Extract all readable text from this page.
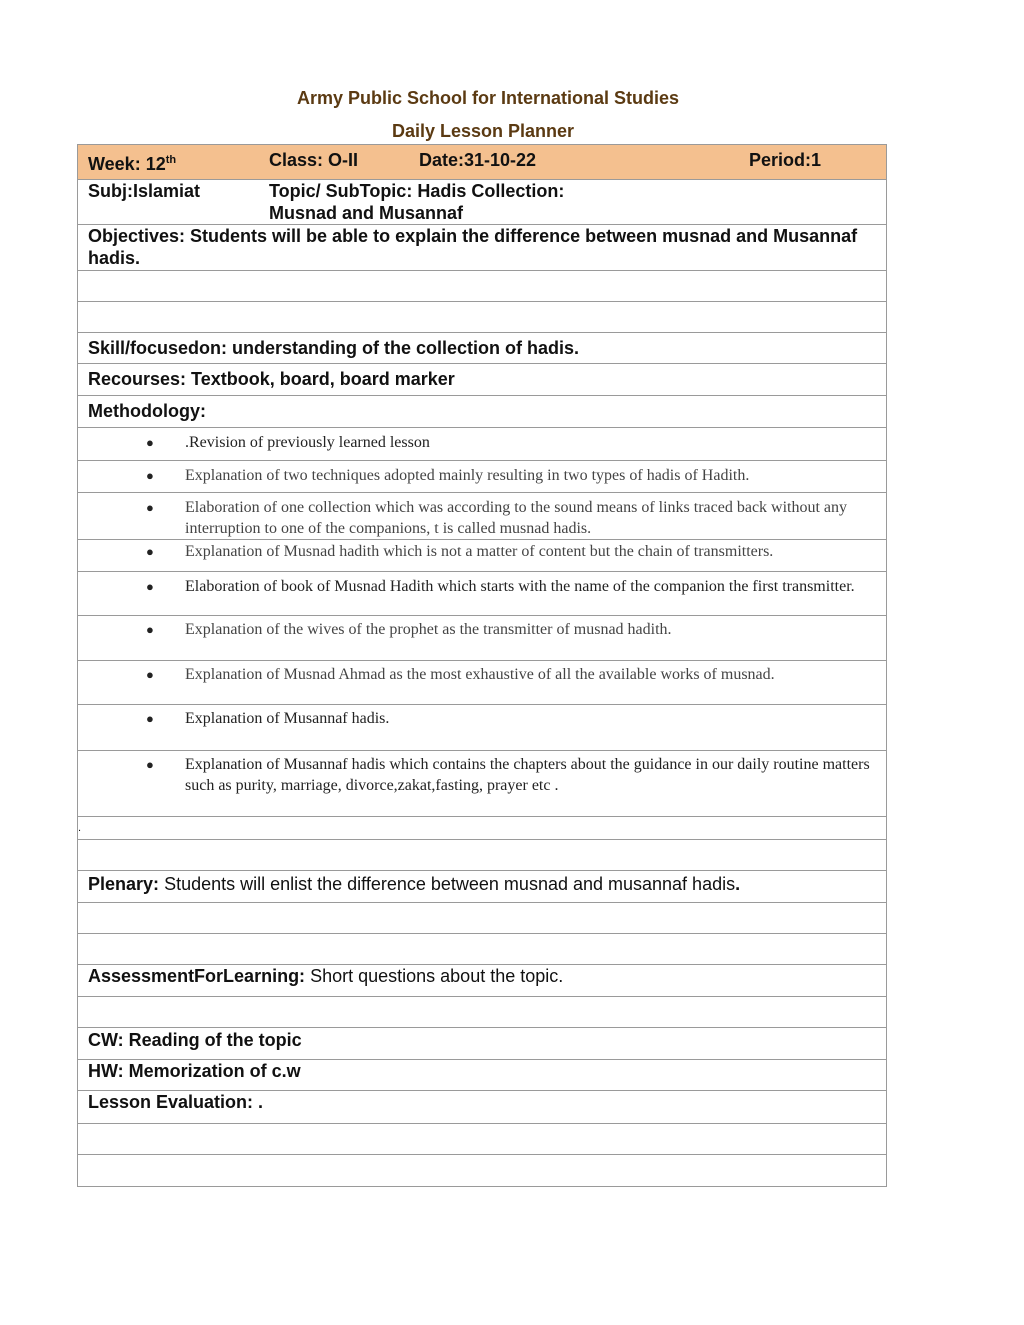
Army Public School for International Studies
Daily Lesson Planner
Week: 12th	Class: O-II	Date:31-10-22	Period:1

Subj:Islamiat	Topic/ SubTopic: Hadis Collection:
Musnad and Musannaf

Objectives: Students will be able to explain the difference between musnad and Musannaf hadis.

Skill/focusedon: understanding of the collection of hadis.
Recourses: Textbook, board, board marker
Methodology:

●	.Revision of previously learned lesson

●	Explanation of two techniques adopted mainly resulting in two types of hadis of Hadith.

●	Elaboration of one collection which was according to the sound means of links traced back without any interruption to one of the companions, t is called musnad hadis.

●	Explanation of Musnad hadith which is not a matter of content but the chain of transmitters.

●	Elaboration of book of Musnad Hadith which starts with the name of the companion the first transmitter.

●	Explanation of the wives of the prophet as the transmitter of musnad hadith.

●	Explanation of Musnad Ahmad as the most exhaustive of all the available works of musnad.

●	Explanation of Musannaf hadis.

●	Explanation of Musannaf hadis which contains the chapters about the guidance in our daily routine matters such as purity, marriage, divorce,zakat,fasting, prayer etc .

.

Plenary: Students will enlist the difference between musnad and musannaf hadis.

AssessmentForLearning: Short questions about the topic.

CW: Reading of the topic
HW: Memorization of c.w
Lesson Evaluation: .
